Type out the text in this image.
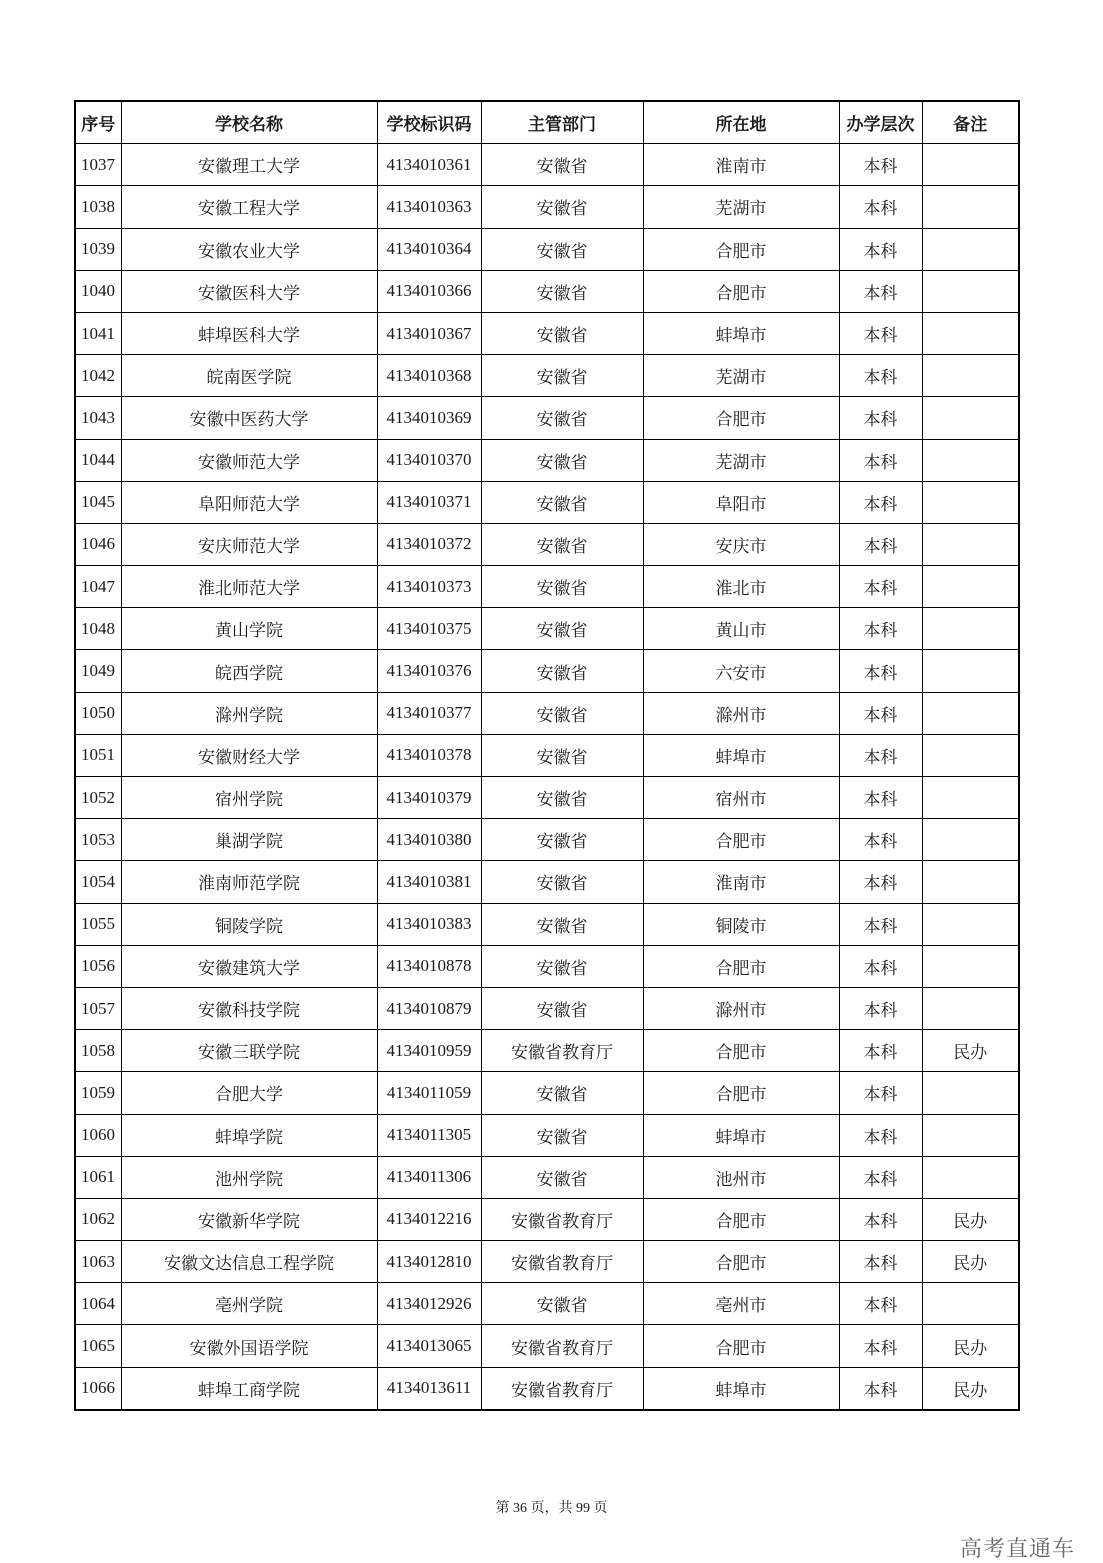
序号	学校名称	学校标识码	主管部门	所在地	办学层次	备注
1037	安徽理工大学	4134010361	安徽省	淮南市	本科	
1038	安徽工程大学	4134010363	安徽省	芜湖市	本科	
1039	安徽农业大学	4134010364	安徽省	合肥市	本科	
1040	安徽医科大学	4134010366	安徽省	合肥市	本科	
1041	蚌埠医科大学	4134010367	安徽省	蚌埠市	本科	
1042	皖南医学院	4134010368	安徽省	芜湖市	本科	
1043	安徽中医药大学	4134010369	安徽省	合肥市	本科	
1044	安徽师范大学	4134010370	安徽省	芜湖市	本科	
1045	阜阳师范大学	4134010371	安徽省	阜阳市	本科	
1046	安庆师范大学	4134010372	安徽省	安庆市	本科	
1047	淮北师范大学	4134010373	安徽省	淮北市	本科	
1048	黄山学院	4134010375	安徽省	黄山市	本科	
1049	皖西学院	4134010376	安徽省	六安市	本科	
1050	滁州学院	4134010377	安徽省	滁州市	本科	
1051	安徽财经大学	4134010378	安徽省	蚌埠市	本科	
1052	宿州学院	4134010379	安徽省	宿州市	本科	
1053	巢湖学院	4134010380	安徽省	合肥市	本科	
1054	淮南师范学院	4134010381	安徽省	淮南市	本科	
1055	铜陵学院	4134010383	安徽省	铜陵市	本科	
1056	安徽建筑大学	4134010878	安徽省	合肥市	本科	
1057	安徽科技学院	4134010879	安徽省	滁州市	本科	
1058	安徽三联学院	4134010959	安徽省教育厅	合肥市	本科	民办
1059	合肥大学	4134011059	安徽省	合肥市	本科	
1060	蚌埠学院	4134011305	安徽省	蚌埠市	本科	
1061	池州学院	4134011306	安徽省	池州市	本科	
1062	安徽新华学院	4134012216	安徽省教育厅	合肥市	本科	民办
1063	安徽文达信息工程学院	4134012810	安徽省教育厅	合肥市	本科	民办
1064	亳州学院	4134012926	安徽省	亳州市	本科	
1065	安徽外国语学院	4134013065	安徽省教育厅	合肥市	本科	民办
1066	蚌埠工商学院	4134013611	安徽省教育厅	蚌埠市	本科	民办
第 36 页，共 99 页
高考直通车
